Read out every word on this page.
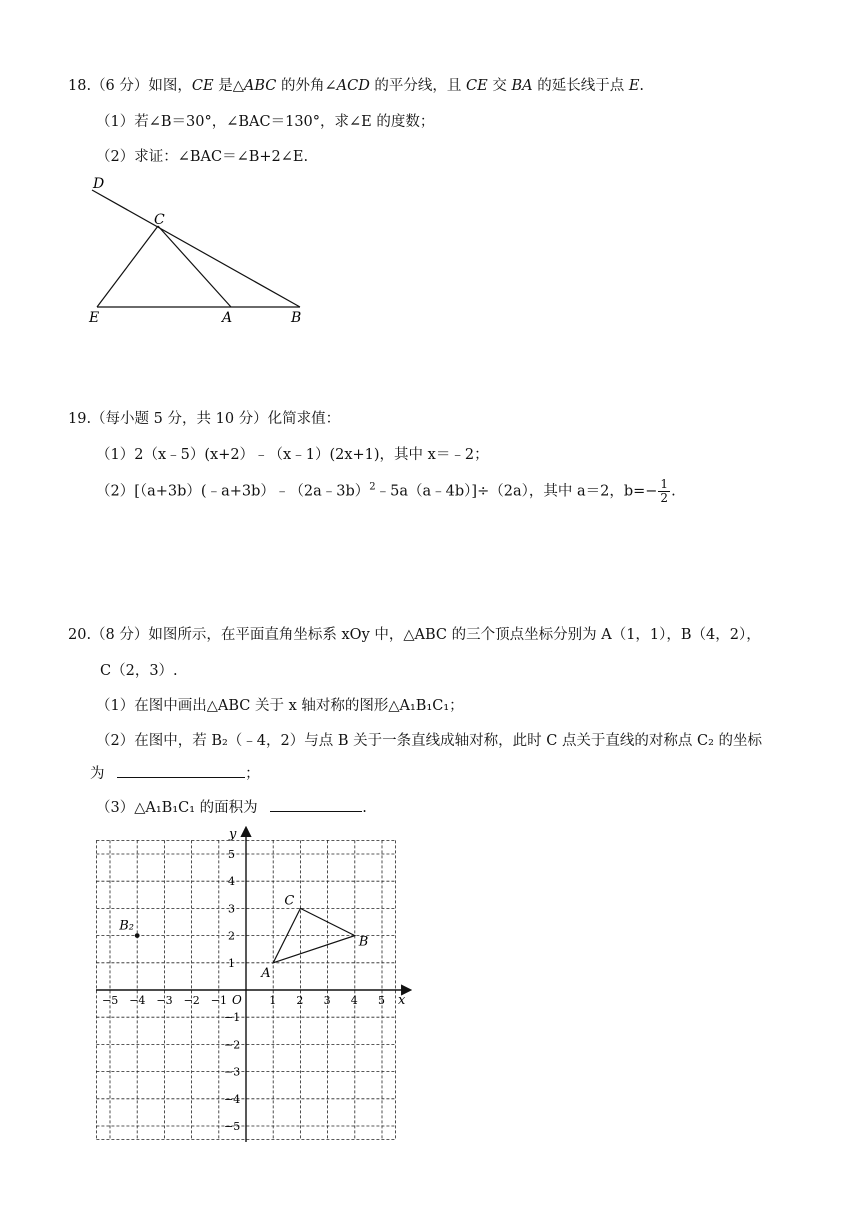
18.（6 分）如图，CE 是△ABC 的外角∠ACD 的平分线，且 CE 交 BA 的延长线于点 E.
（1）若∠B＝30°，∠BAC＝130°，求∠E 的度数；
（2）求证：∠BAC＝∠B+2∠E.
D
C
E	A	B
19.（每小题 5 分，共 10 分）化简求值：
（1）2（x﹣5）(x+2）﹣（x﹣1）(2x+1)，其中 x＝﹣2；
（2）[（a+3b）(﹣a+3b）﹣（2a﹣3b）$^2$﹣5a（a﹣4b）]÷（2a），其中 a＝2，$b=- \frac{1}{2}$ .
20.（8 分）如图所示，在平面直角坐标系 xOy 中，△ABC 的三个顶点坐标分别为 A（1，1），B（4，2），
C（2，3）.
（1）在图中画出△ABC 关于 x 轴对称的图形△A₁B₁C₁；
（2）在图中，若 B₂（﹣4，2）与点 B 关于一条直线成轴对称，此时 C 点关于直线的对称点 C₂ 的坐标
为	；
（3）△A₁B₁C₁ 的面积为	.
x
y
O
−5 −4 −3 −2 −1	1 2 3 4 5
1
2
3
4
5
−1
−2
−3
−4
−5
A
B
C
B₂
